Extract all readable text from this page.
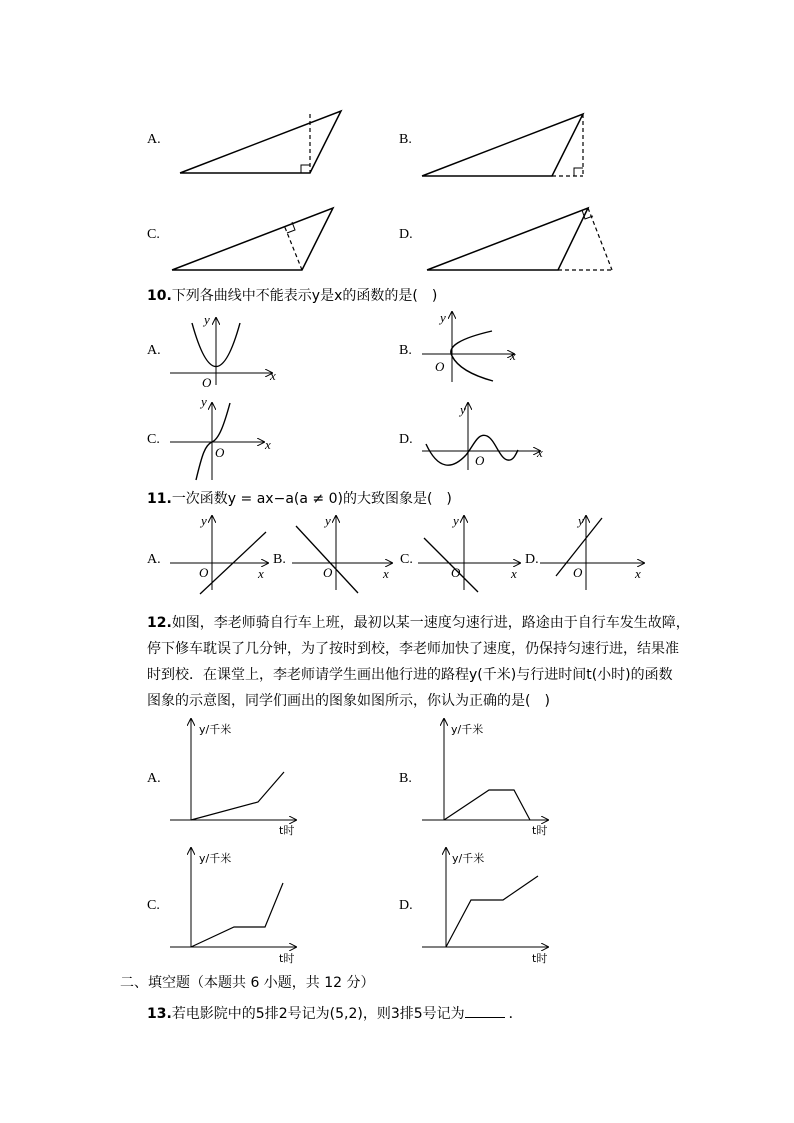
A.	B.
C.	D.
10.下列各曲线中不能表示y是x的函数的是(　)
A.
x
y
O
B.	x
y
O
C.	x
y
O
D.
x
y
O
11.一次函数y = ax−a(a ≠ 0)的大致图象是(　)
x
y
O	x
y
O	x
y
O	x
y
O
A.	B.	C.	D.
12.如图，李老师骑自行车上班，最初以某一速度匀速行进，路途由于自行车发生故障，
停下修车耽误了几分钟，为了按时到校，李老师加快了速度，仍保持匀速行进，结果准
时到校．在课堂上，李老师请学生画出他行进的路程y(千米)与行进时间t(小时)的函数
图象的示意图，同学们画出的图象如图所示，你认为正确的是(　)
y/千米
t时
y/千米
t时
y/千米
t时
y/千米
t时
A.	B.
C.	D.
二、填空题（本题共 6 小题，共 12 分）
13.若电影院中的5排2号记为(5,2)，则3排5号记为	．
